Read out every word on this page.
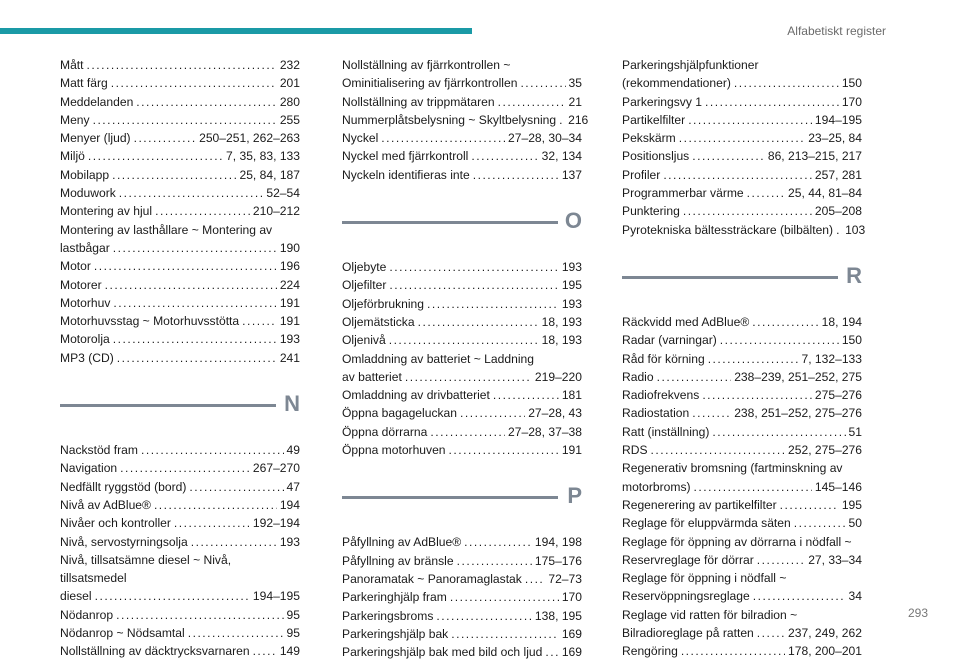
Alfabetiskt register
Mått .....	232
Matt färg .....	201
Meddelanden .....	280
Meny .....	255
Menyer (ljud) .....	250–251, 262–263
Miljö .....	7, 35, 83, 133
Mobilapp .....	25, 84, 187
Moduwork .....	52–54
Montering av hjul .....	210–212
Montering av lasthållare ~ Montering av
lastbågar .....	190
Motor .....	196
Motorer .....	224
Motorhuv .....	191
Motorhuvsstag ~ Motorhuvsstötta .....	191
Motorolja .....	193
MP3 (CD) .....	241
N
Nackstöd fram .....	49
Navigation .....	267–270
Nedfällt ryggstöd (bord) .....	47
Nivå av AdBlue® .....	194
Nivåer och kontroller .....	192–194
Nivå, servostyrningsolja .....	193
Nivå, tillsatsämne diesel ~ Nivå, tillsatsmedel
diesel .....	194–195
Nödanrop .....	95
Nödanrop ~ Nödsamtal .....	95
Nollställning av däcktrycksvarnaren .....	149
Nollställning av fjärrkontrollen ~
Ominitialisering av fjärrkontrollen .....	35
Nollställning av trippmätaren .....	21
Nummerplåtsbelysning ~ Skyltbelysning ..... 216
Nyckel .....	27–28, 30–34
Nyckel med fjärrkontroll .....	32, 134
Nyckeln identifieras inte .....	137
O
Oljebyte .....	193
Oljefilter .....	195
Oljeförbrukning .....	193
Oljemätsticka .....	18, 193
Oljenivå .....	18, 193
Omladdning av batteriet ~ Laddning
av batteriet .....	219–220
Omladdning av drivbatteriet .....	181
Öppna bagageluckan .....	27–28, 43
Öppna dörrarna .....	27–28, 37–38
Öppna motorhuven .....	191
P
Påfyllning av AdBlue® .....	194, 198
Påfyllning av bränsle .....	175–176
Panoramatak ~ Panoramaglastak ..... 72–73
Parkeringhjälp fram .....	170
Parkeringsbroms .....	138, 195
Parkeringshjälp bak .....	169
Parkeringshjälp bak med bild och ljud ..... 169
Parkeringshjälpfunktioner
(rekommendationer) .....	150
Parkeringsvy 1 .....	170
Partikelfilter .....	194–195
Pekskärm .....	23–25, 84
Positionsljus .....	86, 213–215, 217
Profiler .....	257, 281
Programmerbar värme .....	25, 44, 81–84
Punktering .....	205–208
Pyrotekniska bältessträckare (bilbälten) ..... 103
R
Räckvidd med AdBlue® .....	18, 194
Radar (varningar) .....	150
Råd för körning .....	7, 132–133
Radio .....	238–239, 251–252, 275
Radiofrekvens .....	275–276
Radiostation .....	238, 251–252, 275–276
Ratt (inställning) .....	51
RDS .....	252, 275–276
Regenerativ bromsning (fartminskning av
motorbroms) .....	145–146
Regenerering av partikelfilter .....	195
Reglage för eluppvärmda säten .....	50
Reglage för öppning av dörrarna i nödfall ~
Reservreglage för dörrar .....	27, 33–34
Reglage för öppning i nödfall ~
Reservöppningsreglage .....	34
Reglage vid ratten för bilradion ~
Bilradioreglage på ratten .....	237, 249, 262
Rengöring .....	178, 200–201
293
